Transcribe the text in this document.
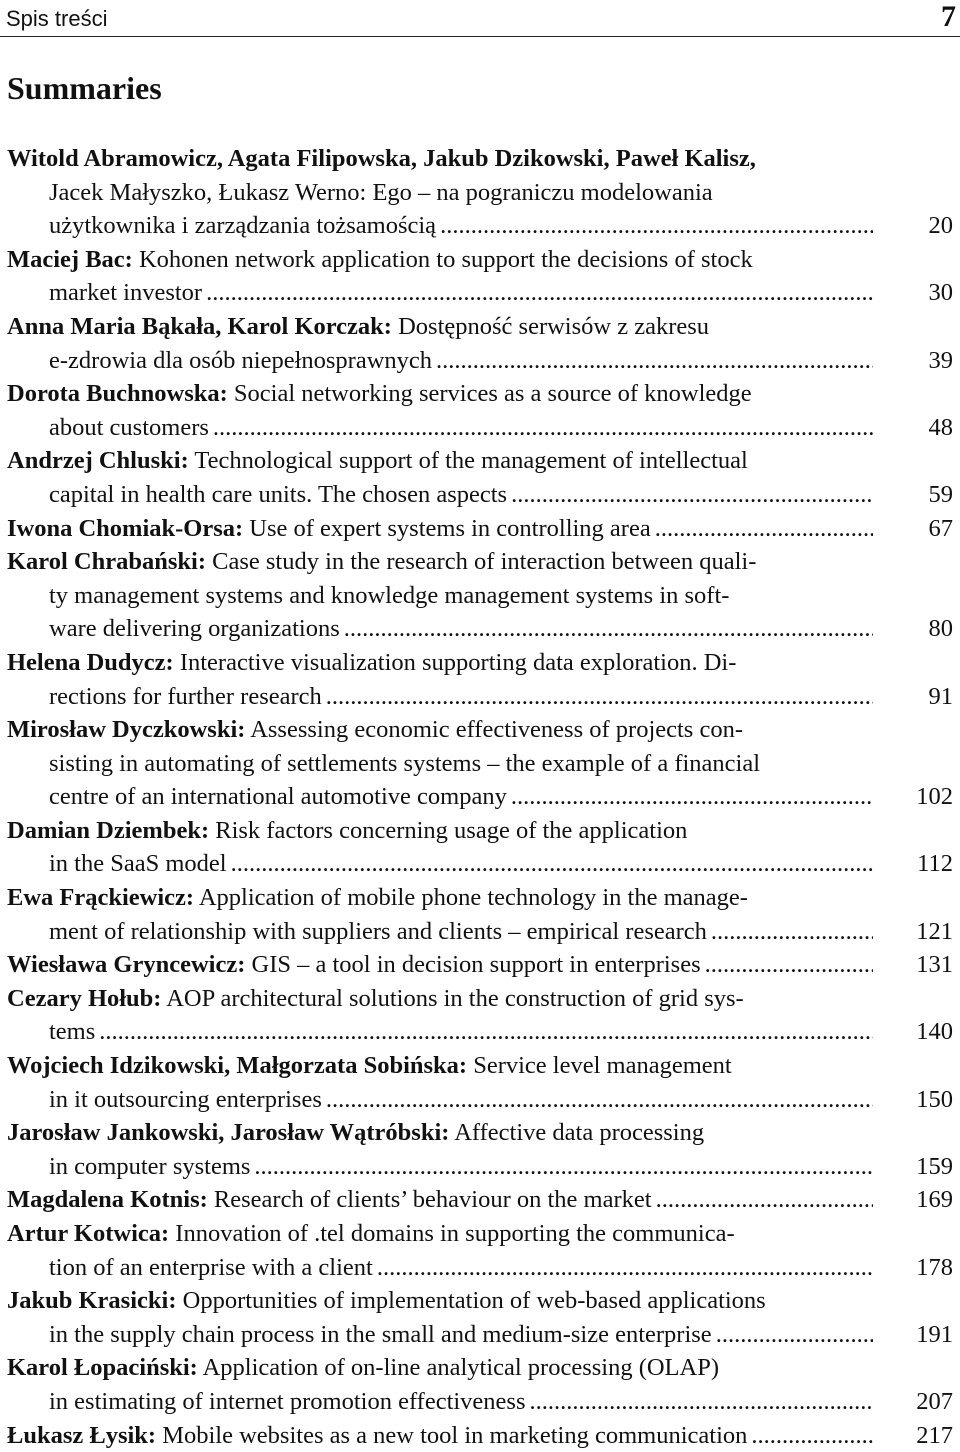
Spis treści	7
Summaries
Witold Abramowicz, Agata Filipowska, Jakub Dzikowski, Paweł Kalisz,
Jacek Małyszko, Łukasz Werno: Ego – na pograniczu modelowania
użytkownika i zarządzania tożsamością .....	20
Maciej Bac: Kohonen network application to support the decisions of stock
market investor .....	30
Anna Maria Bąkała, Karol Korczak: Dostępność serwisów z zakresu
e-zdrowia dla osób niepełnosprawnych .....	39
Dorota Buchnowska: Social networking services as a source of knowledge
about customers .....	48
Andrzej Chluski: Technological support of the management of intellectual
capital in health care units. The chosen aspects .....	59
Iwona Chomiak-Orsa: Use of expert systems in controlling area .....	67
Karol Chrabański: Case study in the research of interaction between quali-
ty management systems and knowledge management systems in soft-
ware delivering organizations .....	80
Helena Dudycz: Interactive visualization supporting data exploration. Di-
rections for further research .....	91
Mirosław Dyczkowski: Assessing economic effectiveness of projects con-
sisting in automating of settlements systems – the example of a financial
centre of an international automotive company .....	102
Damian Dziembek: Risk factors concerning usage of the application
in the SaaS model .....	112
Ewa Frąckiewicz: Application of mobile phone technology in the manage-
ment of relationship with suppliers and clients – empirical research .....	121
Wiesława Gryncewicz: GIS – a tool in decision support in enterprises .....	131
Cezary Hołub: AOP architectural solutions in the construction of grid sys-
tems .....	140
Wojciech Idzikowski, Małgorzata Sobińska: Service level management
in it outsourcing enterprises .....	150
Jarosław Jankowski, Jarosław Wątróbski: Affective data processing
in computer systems .....	159
Magdalena Kotnis: Research of clients’ behaviour on the market .....	169
Artur Kotwica: Innovation of .tel domains in supporting the communica-
tion of an enterprise with a client .....	178
Jakub Krasicki: Opportunities of implementation of web-based applications
in the supply chain process in the small and medium-size enterprise .....	191
Karol Łopaciński: Application of on-line analytical processing (OLAP)
in estimating of internet promotion effectiveness .....	207
Łukasz Łysik: Mobile websites as a new tool in marketing communication .....	217
